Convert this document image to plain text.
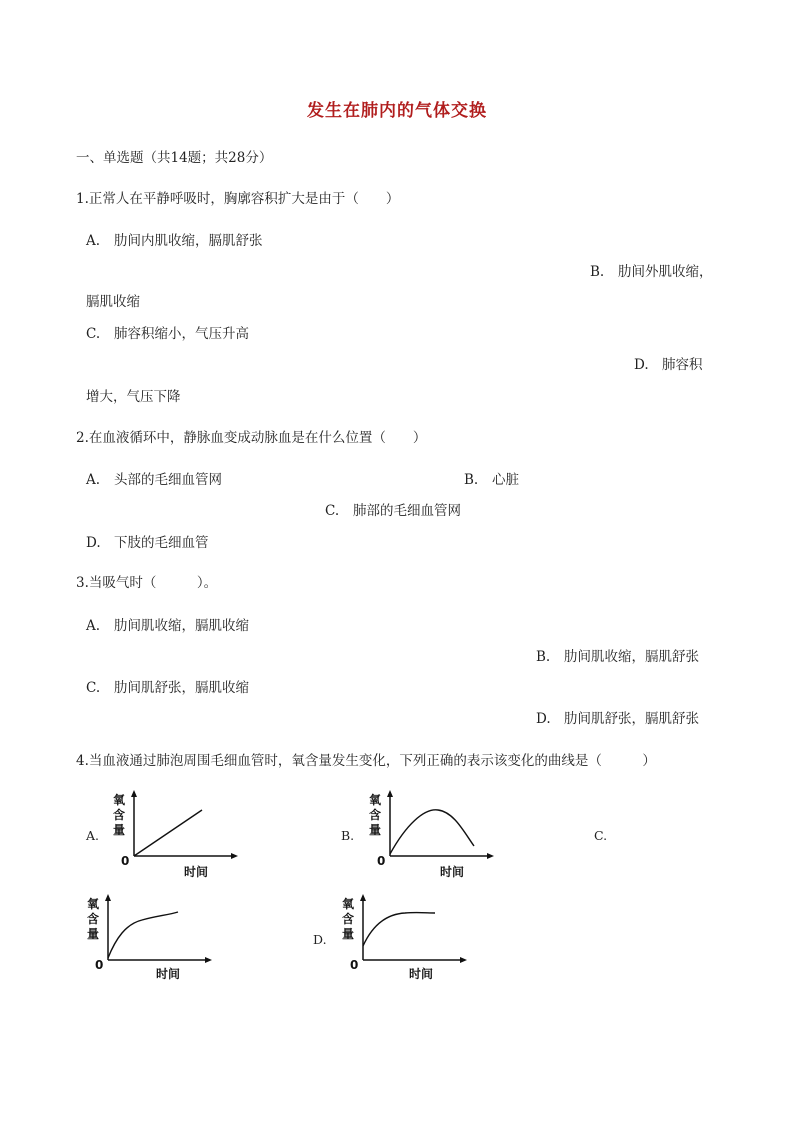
发生在肺内的气体交换
一、单选题（共14题；共28分）
1.正常人在平静呼吸时，胸廓容积扩大是由于（　　）
A. 肋间内肌收缩，膈肌舒张
B. 肋间外肌收缩，
膈肌收缩
C. 肺容积缩小，气压升高
D. 肺容积
增大，气压下降
2.在血液循环中，静脉血变成动脉血是在什么位置（　　）
A. 头部的毛细血管网	B. 心脏
C. 肺部的毛细血管网
D. 下肢的毛细血管
3.当吸气时（　　　）。
A. 肋间肌收缩，膈肌收缩
B. 肋间肌收缩，膈肌舒张
C. 肋间肌舒张，膈肌收缩
D. 肋间肌舒张，膈肌舒张
4.当血液通过肺泡周围毛细血管时，氧含量发生变化，下列正确的表示该变化的曲线是（　　　）
A.	B.	C.
D.
氧
含
量
0
时间
氧
含
量
0
时间
氧
含
量
0
时间
氧
含
量
0
时间
